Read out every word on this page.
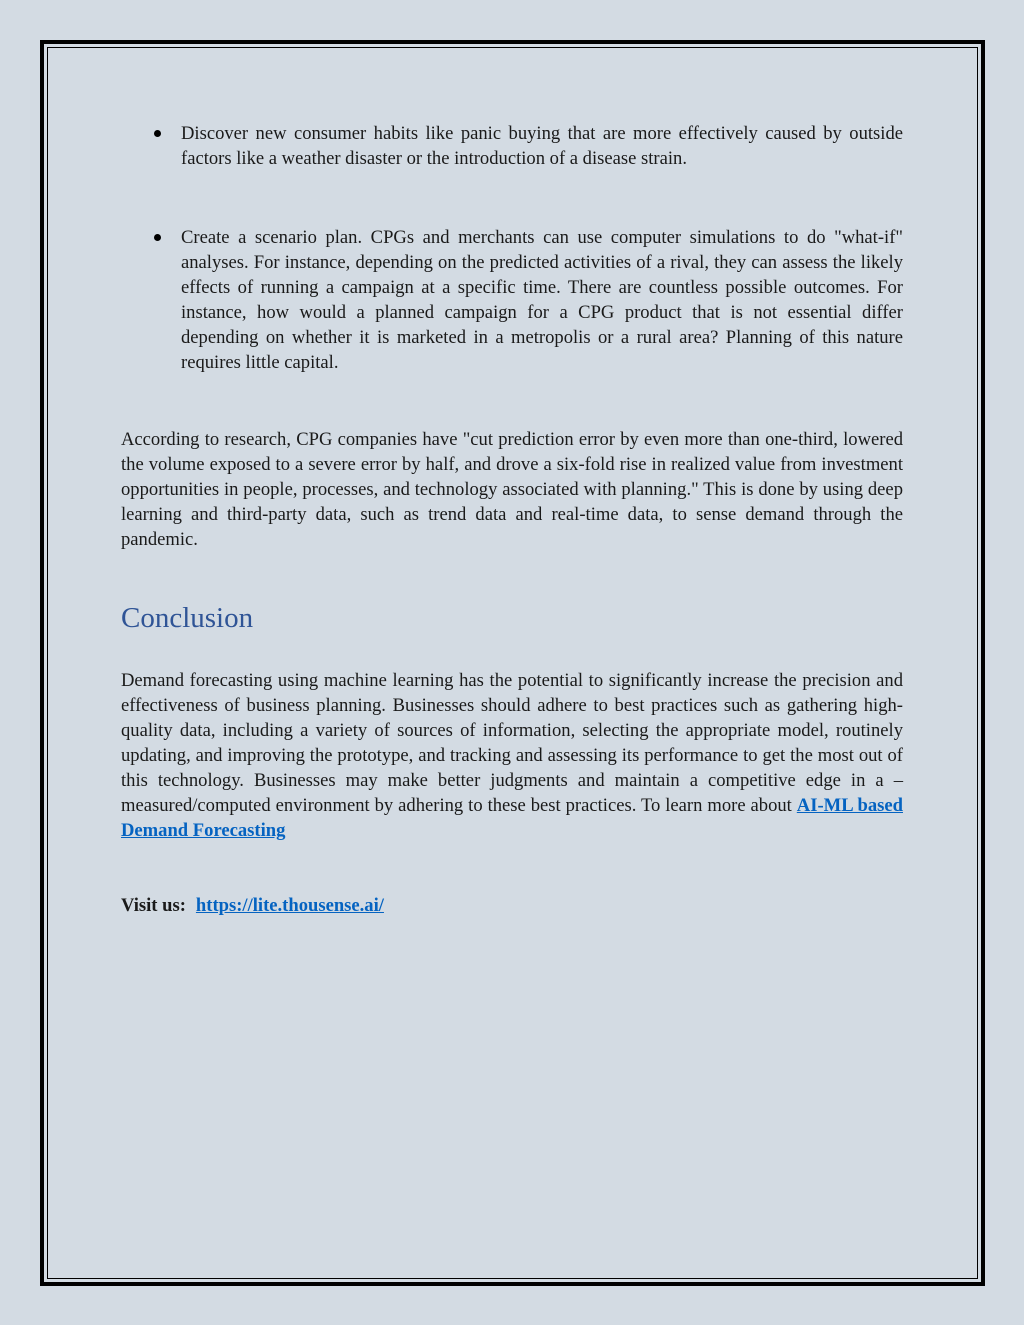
Discover new consumer habits like panic buying that are more effectively caused by outside factors like a weather disaster or the introduction of a disease strain.
Create a scenario plan. CPGs and merchants can use computer simulations to do "what-if" analyses. For instance, depending on the predicted activities of a rival, they can assess the likely effects of running a campaign at a specific time. There are countless possible outcomes. For instance, how would a planned campaign for a CPG product that is not essential differ depending on whether it is marketed in a metropolis or a rural area? Planning of this nature requires little capital.

According to research, CPG companies have "cut prediction error by even more than one-third, lowered the volume exposed to a severe error by half, and drove a six-fold rise in realized value from investment opportunities in people, processes, and technology associated with planning." This is done by using deep learning and third-party data, such as trend data and real-time data, to sense demand through the pandemic.

Conclusion

Demand forecasting using machine learning has the potential to significantly increase the precision and effectiveness of business planning. Businesses should adhere to best practices such as gathering high-quality data, including a variety of sources of information, selecting the appropriate model, routinely updating, and improving the prototype, and tracking and assessing its performance to get the most out of this technology. Businesses may make better judgments and maintain a competitive edge in a – measured/computed environment by adhering to these best practices. To learn more about AI-ML based Demand Forecasting

Visit us: https://lite.thousense.ai/
